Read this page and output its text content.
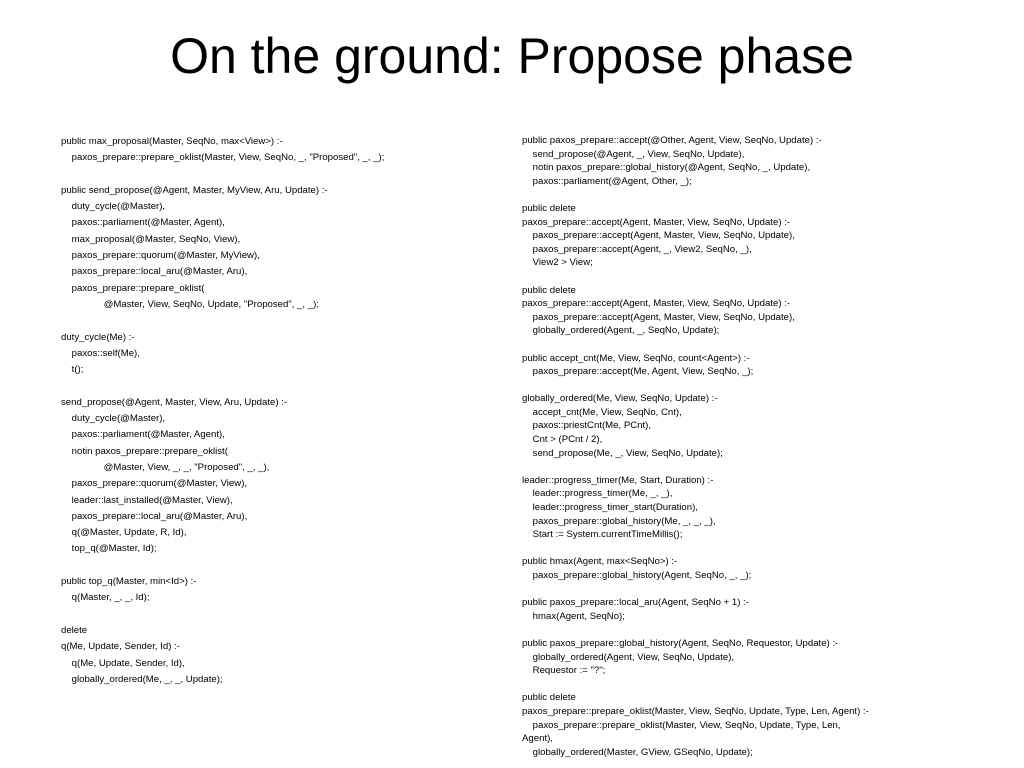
On the ground: Propose phase
public max_proposal(Master, SeqNo, max<View>) :-
paxos_prepare::prepare_oklist(Master, View, SeqNo, _, "Proposed", _, _);
public send_propose(@Agent, Master, MyView, Aru, Update) :-
duty_cycle(@Master),
paxos::parliament(@Master, Agent),
max_proposal(@Master, SeqNo, View),
paxos_prepare::quorum(@Master, MyView),
paxos_prepare::local_aru(@Master, Aru),
paxos_prepare::prepare_oklist(
@Master, View, SeqNo, Update, "Proposed", _, _);
duty_cycle(Me) :-
paxos::self(Me),
t();
send_propose(@Agent, Master, View, Aru, Update) :-
duty_cycle(@Master),
paxos::parliament(@Master, Agent),
notin paxos_prepare::prepare_oklist(
@Master, View, _, _, "Proposed", _, _),
paxos_prepare::quorum(@Master, View),
leader::last_installed(@Master, View),
paxos_prepare::local_aru(@Master, Aru),
q(@Master, Update, R, Id),
top_q(@Master, Id);
public top_q(Master, min<Id>) :-
q(Master, _, _, Id);
delete
q(Me, Update, Sender, Id) :-
q(Me, Update, Sender, Id),
globally_ordered(Me, _, _, Update);
public paxos_prepare::accept(@Other, Agent, View, SeqNo, Update) :-
send_propose(@Agent, _, View, SeqNo, Update),
notin paxos_prepare::global_history(@Agent, SeqNo, _, Update),
paxos::parliament(@Agent, Other, _);
public delete
paxos_prepare::accept(Agent, Master, View, SeqNo, Update) :-
paxos_prepare::accept(Agent, Master, View, SeqNo, Update),
paxos_prepare::accept(Agent, _, View2, SeqNo, _),
View2 > View;
public delete
paxos_prepare::accept(Agent, Master, View, SeqNo, Update) :-
paxos_prepare::accept(Agent, Master, View, SeqNo, Update),
globally_ordered(Agent, _, SeqNo, Update);
public accept_cnt(Me, View, SeqNo, count<Agent>) :-
paxos_prepare::accept(Me, Agent, View, SeqNo, _);
globally_ordered(Me, View, SeqNo, Update) :-
accept_cnt(Me, View, SeqNo, Cnt),
paxos::priestCnt(Me, PCnt),
Cnt > (PCnt / 2),
send_propose(Me, _, View, SeqNo, Update);
leader::progress_timer(Me, Start, Duration) :-
leader::progress_timer(Me, _, _),
leader::progress_timer_start(Duration),
paxos_prepare::global_history(Me, _, _, _),
Start := System.currentTimeMillis();
public hmax(Agent, max<SeqNo>) :-
paxos_prepare::global_history(Agent, SeqNo, _, _);
public paxos_prepare::local_aru(Agent, SeqNo + 1) :-
hmax(Agent, SeqNo);
public paxos_prepare::global_history(Agent, SeqNo, Requestor, Update) :-
globally_ordered(Agent, View, SeqNo, Update),
Requestor := "?";
public delete
paxos_prepare::prepare_oklist(Master, View, SeqNo, Update, Type, Len, Agent) :-
paxos_prepare::prepare_oklist(Master, View, SeqNo, Update, Type, Len,
Agent),
globally_ordered(Master, GView, GSeqNo, Update);
